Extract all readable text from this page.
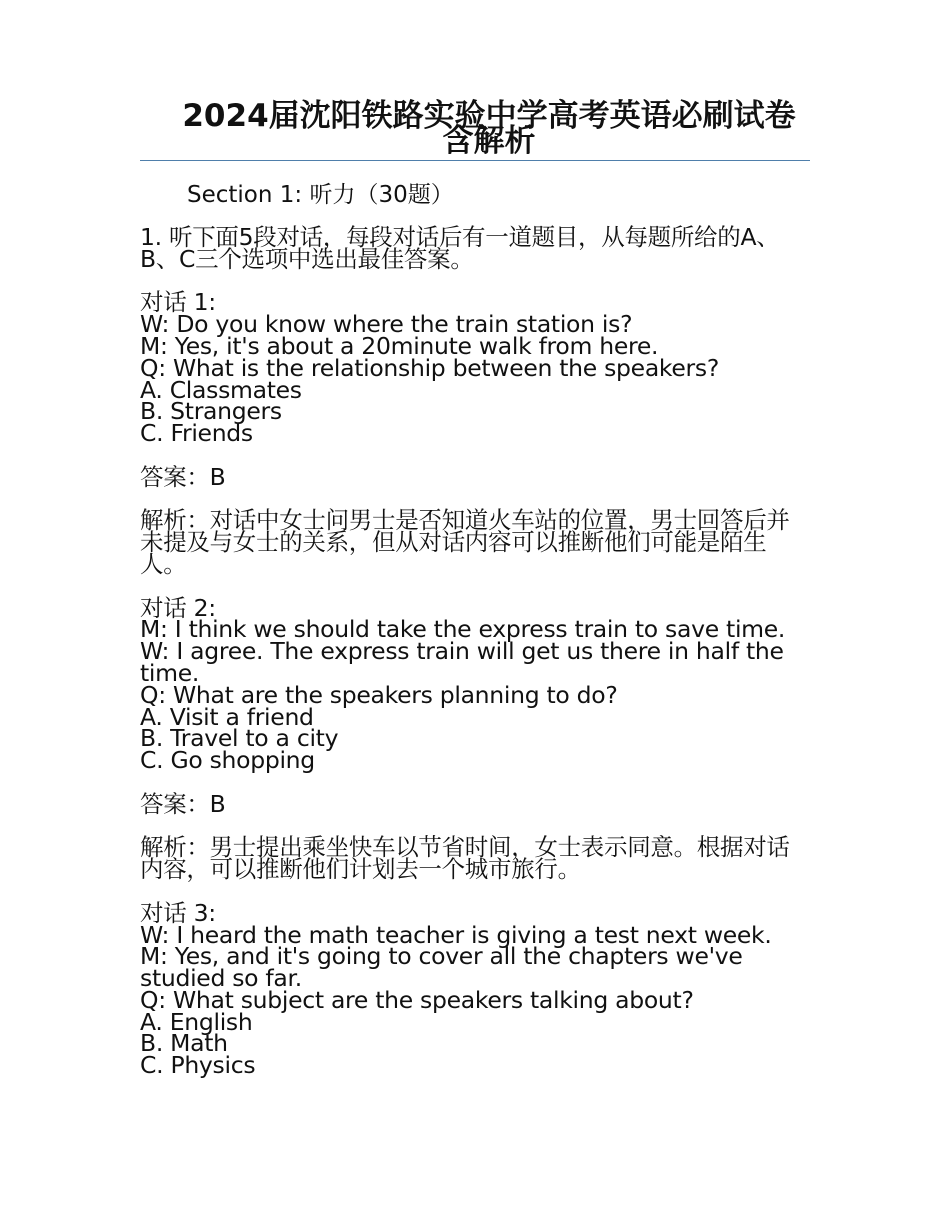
2024届沈阳铁路实验中学高考英语必刷试卷含解析
Section 1: 听力（30题）

1. 听下面5段对话，每段对话后有一道题目，从每题所给的A、B、C三个选项中选出最佳答案。

对话 1:
W: Do you know where the train station is?
M: Yes, it's about a 20minute walk from here.
Q: What is the relationship between the speakers?
A. Classmates
B. Strangers
C. Friends

答案：B

解析：对话中女士问男士是否知道火车站的位置，男士回答后并未提及与女士的关系，但从对话内容可以推断他们可能是陌生人。

对话 2:
M: I think we should take the express train to save time.
W: I agree. The express train will get us there in half the time.
Q: What are the speakers planning to do?
A. Visit a friend
B. Travel to a city
C. Go shopping

答案：B

解析：男士提出乘坐快车以节省时间，女士表示同意。根据对话内容，可以推断他们计划去一个城市旅行。

对话 3:
W: I heard the math teacher is giving a test next week.
M: Yes, and it's going to cover all the chapters we've studied so far.
Q: What subject are the speakers talking about?
A. English
B. Math
C. Physics
